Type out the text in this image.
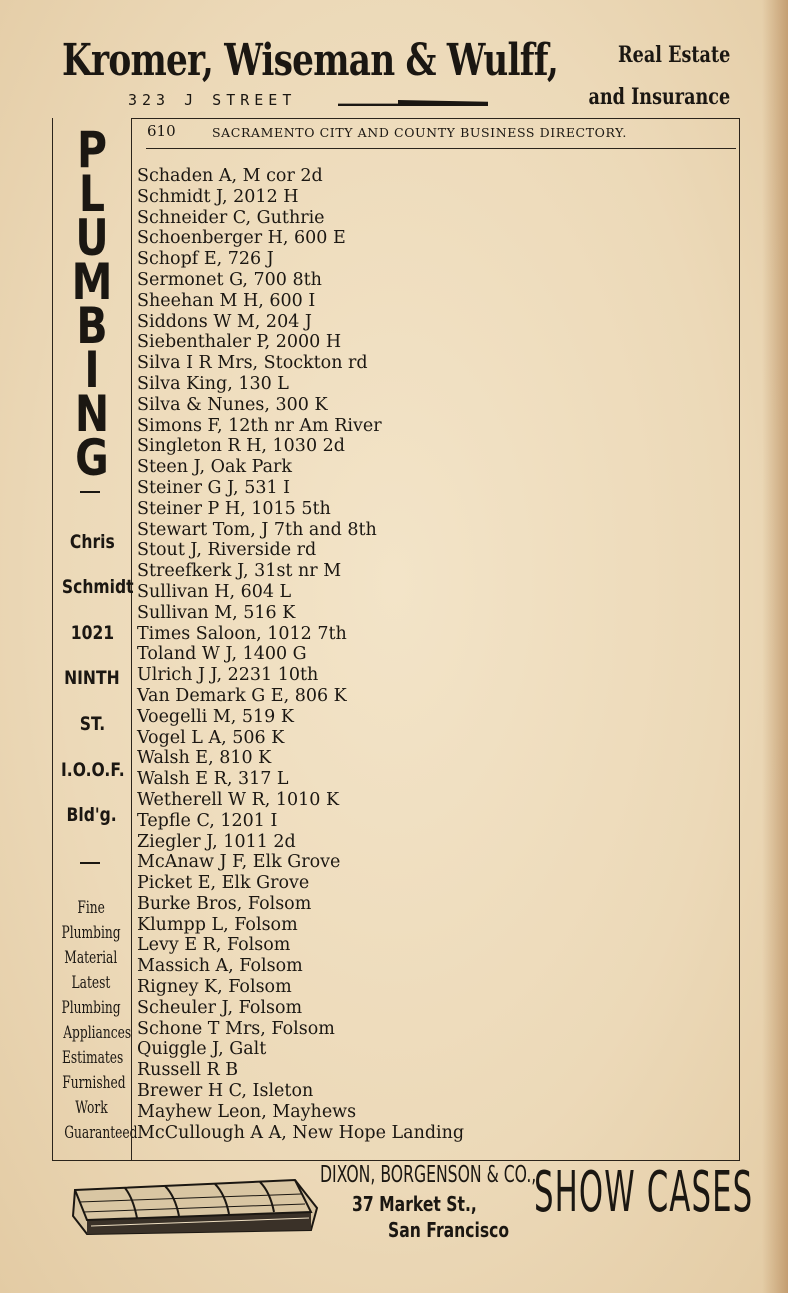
Kromer, Wiseman & Wulff,
323 J STREET
Real Estate
and Insurance
610	SACRAMENTO CITY AND COUNTY BUSINESS DIRECTORY.
P
L
U
M
B
I
N
G
Chris
Schmidt
1021
NINTH
ST.
I.O.O.F.
Bld'g.
Fine
Plumbing
Material
Latest
Plumbing
Appliances
Estimates
Furnished
Work
Guaranteed
Schaden A, M cor 2d
Schmidt J, 2012 H
Schneider C, Guthrie
Schoenberger H, 600 E
Schopf E, 726 J
Sermonet G, 700 8th
Sheehan M H, 600 I
Siddons W M, 204 J
Siebenthaler P, 2000 H
Silva I R Mrs, Stockton rd
Silva King, 130 L
Silva & Nunes, 300 K
Simons F, 12th nr Am River
Singleton R H, 1030 2d
Steen J, Oak Park
Steiner G J, 531 I
Steiner P H, 1015 5th
Stewart Tom, J 7th and 8th
Stout J, Riverside rd
Streefkerk J, 31st nr M
Sullivan H, 604 L
Sullivan M, 516 K
Times Saloon, 1012 7th
Toland W J, 1400 G
Ulrich J J, 2231 10th
Van Demark G E, 806 K
Voegelli M, 519 K
Vogel L A, 506 K
Walsh E, 810 K
Walsh E R, 317 L
Wetherell W R, 1010 K
Tepfle C, 1201 I
Ziegler J, 1011 2d
McAnaw J F, Elk Grove
Picket E, Elk Grove
Burke Bros, Folsom
Klumpp L, Folsom
Levy E R, Folsom
Massich A, Folsom
Rigney K, Folsom
Scheuler J, Folsom
Schone T Mrs, Folsom
Quiggle J, Galt
Russell R B
Brewer H C, Isleton
Mayhew Leon, Mayhews
McCullough A A, New Hope Landing
DIXON, BORGENSON & CO.,
37 Market St.,
San Francisco
SHOW CASES
